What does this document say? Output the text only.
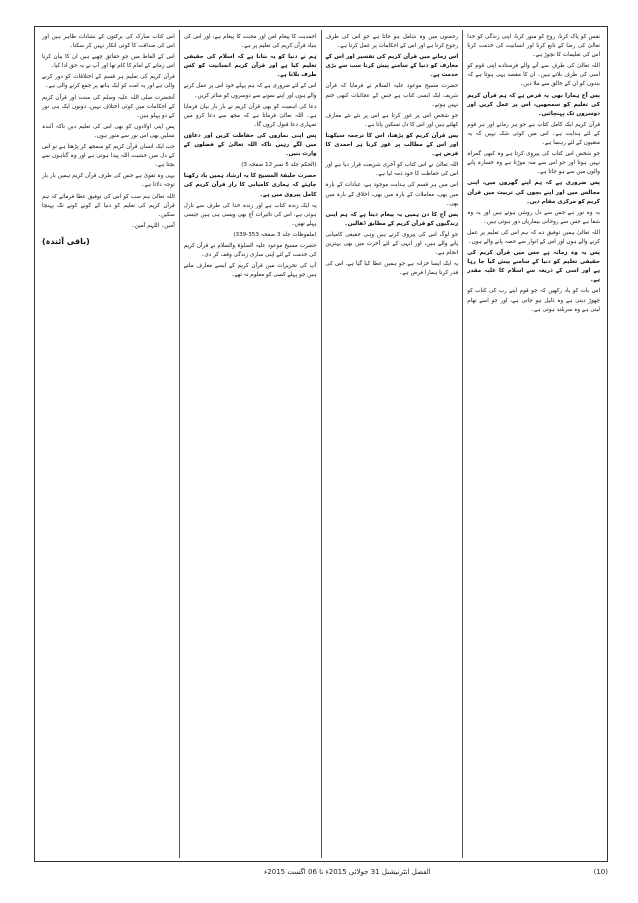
نفس کو پاک کرنا، روح کو منور کرنا، اپنی زندگی کو خدا تعالیٰ کی رضا کے تابع کرنا اور انسانیت کی خدمت کرنا اس کی تعلیمات کا نچوڑ ہے۔

اللہ تعالیٰ کی طرف سے آنے والے فرستادے اپنی قوم کو اسی کی طرف بلاتے ہیں۔ ان کا مقصد یہی ہوتا ہے کہ بندوں کو ان کے خالق سے ملا دیں۔

پس آج ہمارا بھی یہ فرض ہے کہ ہم قرآن کریم کی تعلیم کو سمجھیں، اس پر عمل کریں اور دوسروں تک پہنچائیں۔

قرآن کریم ایک کامل کتاب ہے جو ہر زمانے اور ہر قوم کے لئے ہدایت ہے۔ اس میں کوئی شک نہیں کہ یہ متقیوں کے لئے رہنما ہے۔

جو شخص اس کتاب کی پیروی کرتا ہے وہ کبھی گمراہ نہیں ہوتا اور جو اس سے منہ موڑتا ہے وہ خسارہ پانے والوں میں سے ہو جاتا ہے۔

پس ضروری ہے کہ ہم اپنے گھروں میں، اپنی مجالس میں اور اپنے بچوں کی تربیت میں قرآن کریم کو مرکزی مقام دیں۔

یہ وہ نور ہے جس سے دل روشن ہوتے ہیں اور یہ وہ شفا ہے جس سے روحانی بیماریاں دور ہوتی ہیں۔

اللہ تعالیٰ ہمیں توفیق دے کہ ہم اس کی تعلیم پر عمل کرنے والے ہوں اور اس کے انوار سے حصہ پانے والے ہوں۔

پس یہ وہ زمانہ ہے جس میں قرآن کریم کی حقیقی تعلیم کو دنیا کے سامنے پیش کیا جا رہا ہے اور اسی کے ذریعہ سے اسلام کا غلبہ مقدر ہے۔

اس بات کو یاد رکھیں کہ جو قوم اپنے رب کی کتاب کو چھوڑ دیتی ہے وہ ذلیل ہو جاتی ہے، اور جو اسے تھام لیتی ہے وہ سربلند ہوتی ہے۔

رحمتوں میں وہ شامل ہو جاتا ہے جو اس کی طرف رجوع کرتا ہے اور اس کے احکامات پر عمل کرتا ہے۔

اس زمانے میں قرآن کریم کی تفسیر اور اس کے معارف کو دنیا کے سامنے پیش کرنا سب سے بڑی خدمت ہے۔

حضرت مسیح موعود علیہ السلام نے فرمایا کہ قرآن شریف ایک ایسی کتاب ہے جس کے عجائبات کبھی ختم نہیں ہوتے۔

جو شخص اس پر غور کرتا ہے اس پر نئے نئے معارف کھلتے ہیں اور اس کا دل تسکین پاتا ہے۔

پس قرآن کریم کو پڑھنا، اس کا ترجمہ سیکھنا اور اس کے مطالب پر غور کرنا ہر احمدی کا فرض ہے۔

اللہ تعالیٰ نے اس کتاب کو آخری شریعت قرار دیا ہے اور اس کی حفاظت کا خود ذمہ لیا ہے۔

اس میں ہر قسم کی ہدایت موجود ہے، عبادات کے بارہ میں بھی، معاملات کے بارہ میں بھی، اخلاق کے بارہ میں بھی۔

پس آج کا دن ہمیں یہ پیغام دیتا ہے کہ ہم اپنی زندگیوں کو قرآن کریم کے مطابق ڈھالیں۔

جو لوگ اس کی پیروی کرتے ہیں وہی حقیقی کامیابی پانے والے ہیں، اور انہی کے لئے آخرت میں بھی بہترین انجام ہے۔

یہ ایک ایسا خزانہ ہے جو ہمیں عطا کیا گیا ہے، اس کی قدر کرنا ہمارا فرض ہے۔

احمدیت کا پیغام امن اور محبت کا پیغام ہے، اور اس کی بنیاد قرآن کریم کی تعلیم پر ہے۔

ہم نے دنیا کو یہ بتانا ہے کہ اسلام کی حقیقی تعلیم کیا ہے اور قرآن کریم انسانیت کو کس طرف بلاتا ہے۔

اس کے لئے ضروری ہے کہ ہم پہلے خود اس پر عمل کرنے والے ہوں اور اپنے نمونے سے دوسروں کو متاثر کریں۔

دعا کی اہمیت کو بھی قرآن کریم نے بار بار بیان فرمایا ہے۔ اللہ تعالیٰ فرماتا ہے کہ مجھ سے دعا کرو میں تمہاری دعا قبول کروں گا۔

پس اپنی نمازوں کی حفاظت کریں اور دعاؤں میں لگے رہیں تاکہ اللہ تعالیٰ کے فضلوں کے وارث بنیں۔

(الحکم جلد 5 نمبر 12 صفحہ 3)

حضرت خلیفۃ المسیح کا یہ ارشاد ہمیں یاد رکھنا چاہئے کہ ہماری کامیابی کا راز قرآن کریم کی کامل پیروی میں ہے۔

یہ ایک زندہ کتاب ہے اور زندہ خدا کی طرف سے نازل ہوئی ہے، اس کی تاثیرات آج بھی ویسی ہی ہیں جیسی پہلے تھیں۔

(ملفوظات جلد 3 صفحہ 353-339)

حضرت مسیح موعود علیہ الصلوٰۃ والسلام نے قرآن کریم کی خدمت کے لئے اپنی ساری زندگی وقف کر دی۔

آپ کی تحریرات میں قرآن کریم کے ایسے معارف ملتے ہیں جو پہلے کسی کو معلوم نہ تھے۔

اس کتاب مبارک کی برکتوں کے نشانات ظاہر ہیں اور اس کی صداقت کا کوئی انکار نہیں کر سکتا۔

اس کے الفاظ میں جو حقائق چھپے ہیں ان کا بیان کرنا اس زمانے کے امام کا کام تھا اور آپ نے یہ حق ادا کیا۔

قرآن کریم کی تعلیم ہر قسم کے اختلافات کو دور کرنے والی ہے اور یہ امت کو ایک ہاتھ پر جمع کرنے والی ہے۔

آنحضرت صلی اللہ علیہ وسلم کی سنت اور قرآن کریم کے احکامات میں کوئی اختلاف نہیں، دونوں ایک ہی نور کے دو پہلو ہیں۔

پس اپنی اولادوں کو بھی اس کی تعلیم دیں تاکہ آئندہ نسلیں بھی اس نور سے منور ہوں۔

جب ایک انسان قرآن کریم کو سمجھ کر پڑھتا ہے تو اس کے دل میں خشیت اللہ پیدا ہوتی ہے اور وہ گناہوں سے بچتا ہے۔

یہی وہ تقویٰ ہے جس کی طرف قرآن کریم ہمیں بار بار توجہ دلاتا ہے۔

اللہ تعالیٰ ہم سب کو اس کی توفیق عطا فرمائے کہ ہم قرآن کریم کی تعلیم کو دنیا کے کونے کونے تک پہنچا سکیں۔

آمین۔ اللہم آمین۔

(باقی آئندہ)
الفضل انٹرنیشنل 31 جولائی 2015ء تا 06 اگست 2015ء	(10)
